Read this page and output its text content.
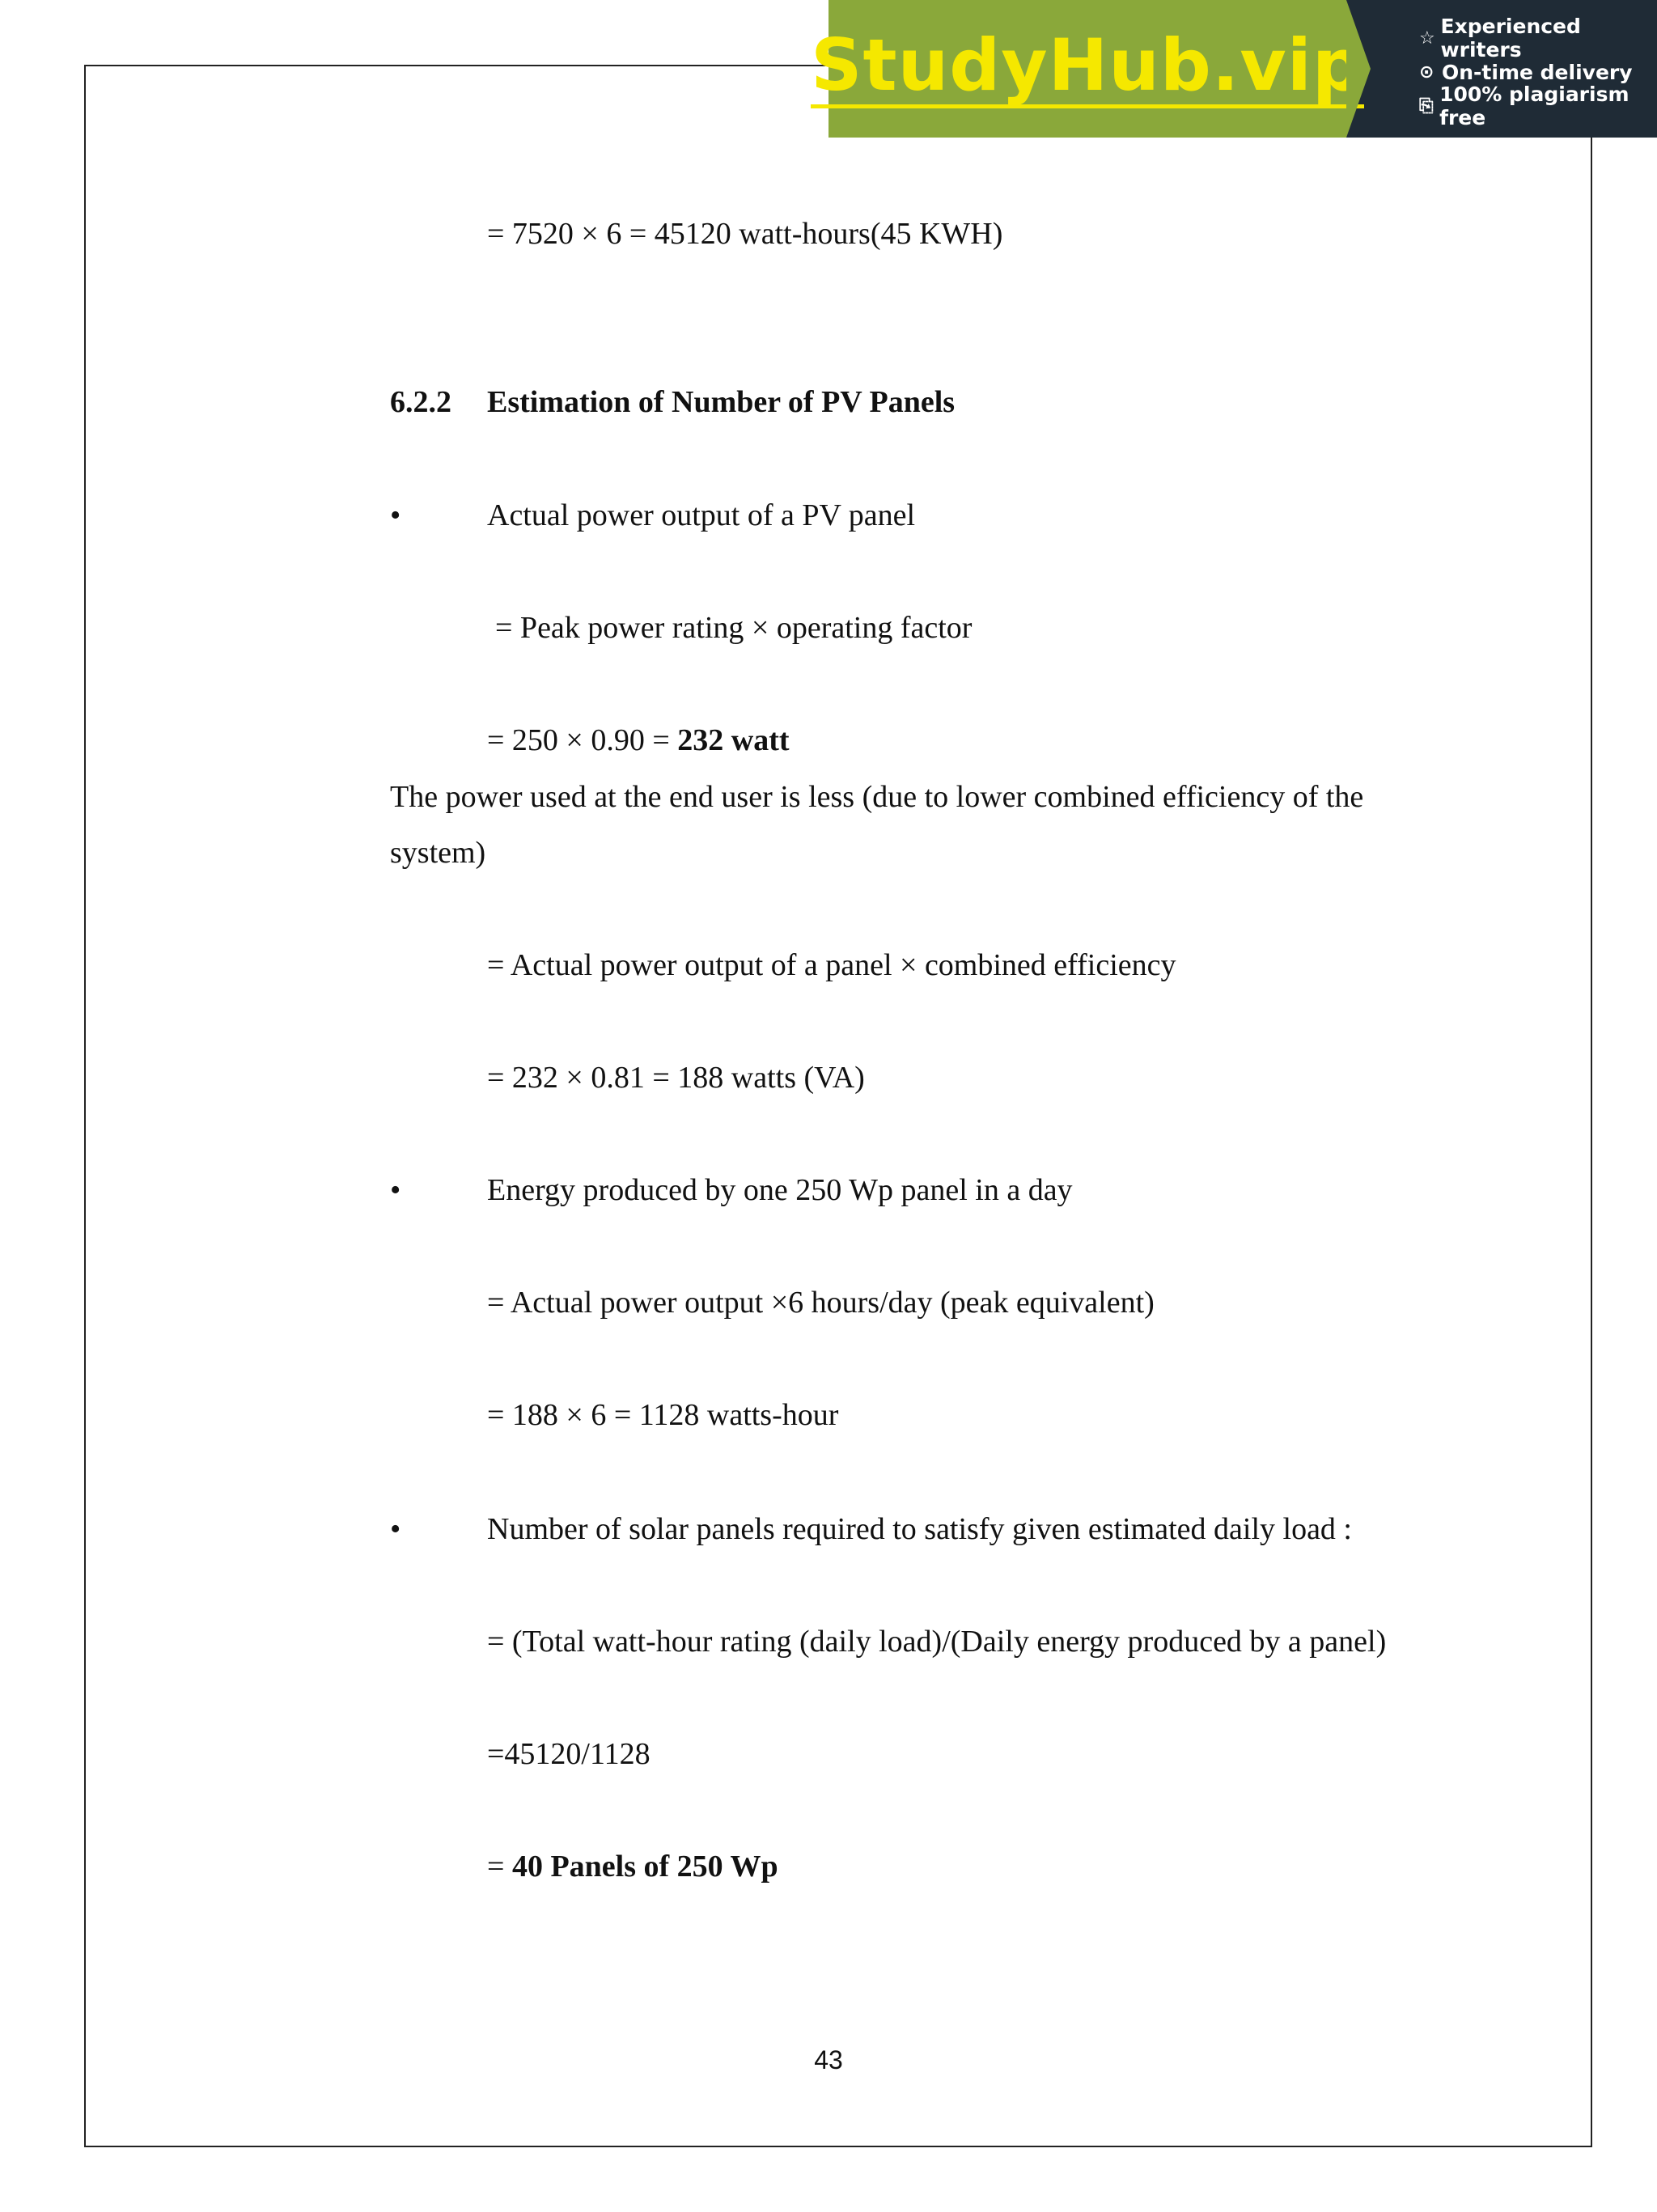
StudyHub.vip	☆ Experienced writers
⊙ On-time delivery
⎘ 100% plagiarism free
= 7520 × 6 = 45120 watt-hours(45 KWH)
6.2.2 Estimation of Number of PV Panels
•	Actual power output of a PV panel
= Peak power rating × operating factor
= 250 × 0.90 = 232 watt
The power used at the end user is less (due to lower combined efficiency of the
system)
= Actual power output of a panel × combined efficiency
= 232 × 0.81 = 188 watts (VA)
•	Energy produced by one 250 Wp panel in a day
= Actual power output ×6 hours/day (peak equivalent)
= 188 × 6 = 1128 watts-hour
•	Number of solar panels required to satisfy given estimated daily load :
= (Total watt-hour rating (daily load)/(Daily energy produced by a panel)
=45120/1128
= 40 Panels of 250 Wp
43
